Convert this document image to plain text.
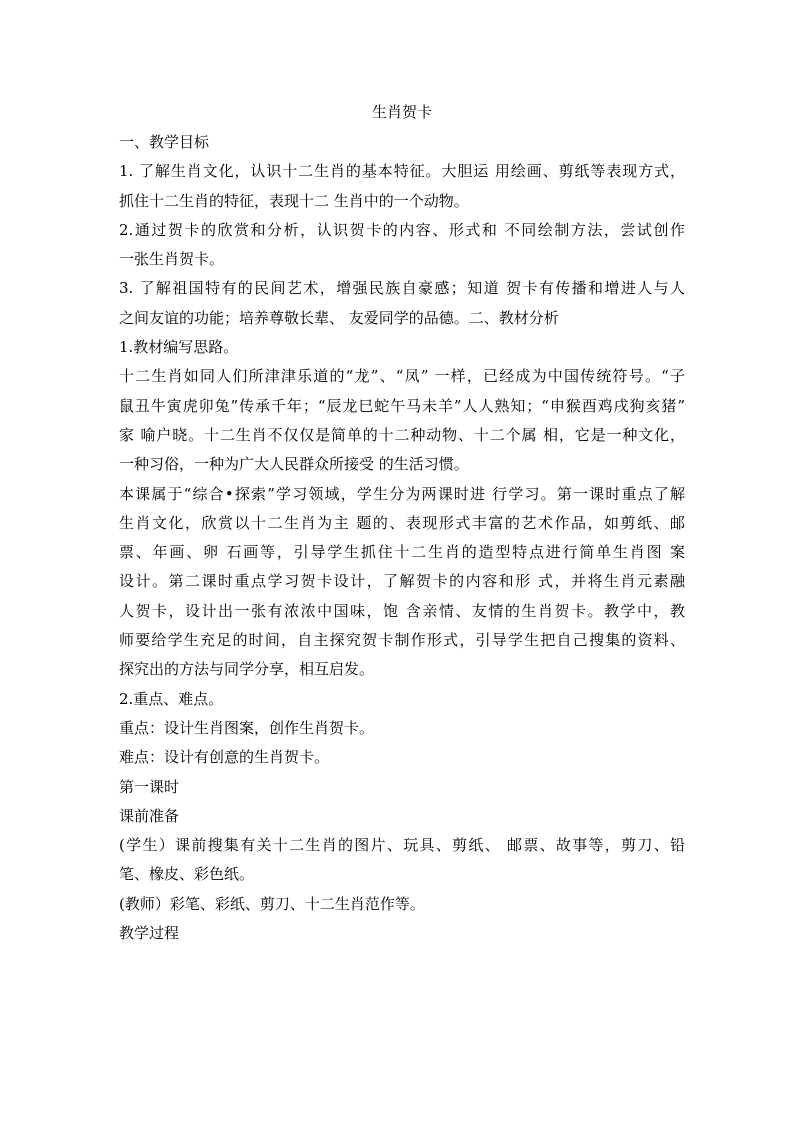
生肖贺卡

一、教学目标

1. 了解生肖文化，认识十二生肖的基本特征。大胆运 用绘画、剪纸等表现方式，

抓住十二生肖的特征，表现十二 生肖中的一个动物。

2.通过贺卡的欣赏和分析，认识贺卡的内容、形式和 不同绘制方法，尝试创作

一张生肖贺卡。

3. 了解祖国特有的民间艺术，增强民族自豪感；知道 贺卡有传播和增进人与人

之间友谊的功能；培养尊敬长辈、 友爱同学的品德。二、教材分析

1.教材编写思路。

十二生肖如同人们所津津乐道的“龙”、“凤” 一样，已经成为中国传统符号。“子

鼠丑牛寅虎卯兔”传承千年；“辰龙巳蛇午马未羊”人人熟知；“申猴酉鸡戌狗亥猪”

家 喻户晓。十二生肖不仅仅是简单的十二种动物、十二个属 相，它是一种文化，

一种习俗，一种为广大人民群众所接受 的生活习惯。

本课属于“综合•探索”学习领域，学生分为两课时进 行学习。第一课时重点了解

生肖文化，欣赏以十二生肖为主 题的、表现形式丰富的艺术作品，如剪纸、邮

票、年画、卵 石画等，引导学生抓住十二生肖的造型特点进行简单生肖图 案

设计。第二课时重点学习贺卡设计，了解贺卡的内容和形 式，并将生肖元素融

人贺卡，设计出一张有浓浓中国味，饱 含亲情、友情的生肖贺卡。教学中，教

师要给学生充足的时间，自主探究贺卡制作形式，引导学生把自己搜集的资料、

探究出的方法与同学分享，相互启发。

2.重点、难点。

重点：设计生肖图案，创作生肖贺卡。

难点：设计有创意的生肖贺卡。

第一课时

课前准备

(学生）课前搜集有关十二生肖的图片、玩具、剪纸、 邮票、故事等，剪刀、铅

笔、橡皮、彩色纸。

(教师）彩笔、彩纸、剪刀、十二生肖范作等。

教学过程
